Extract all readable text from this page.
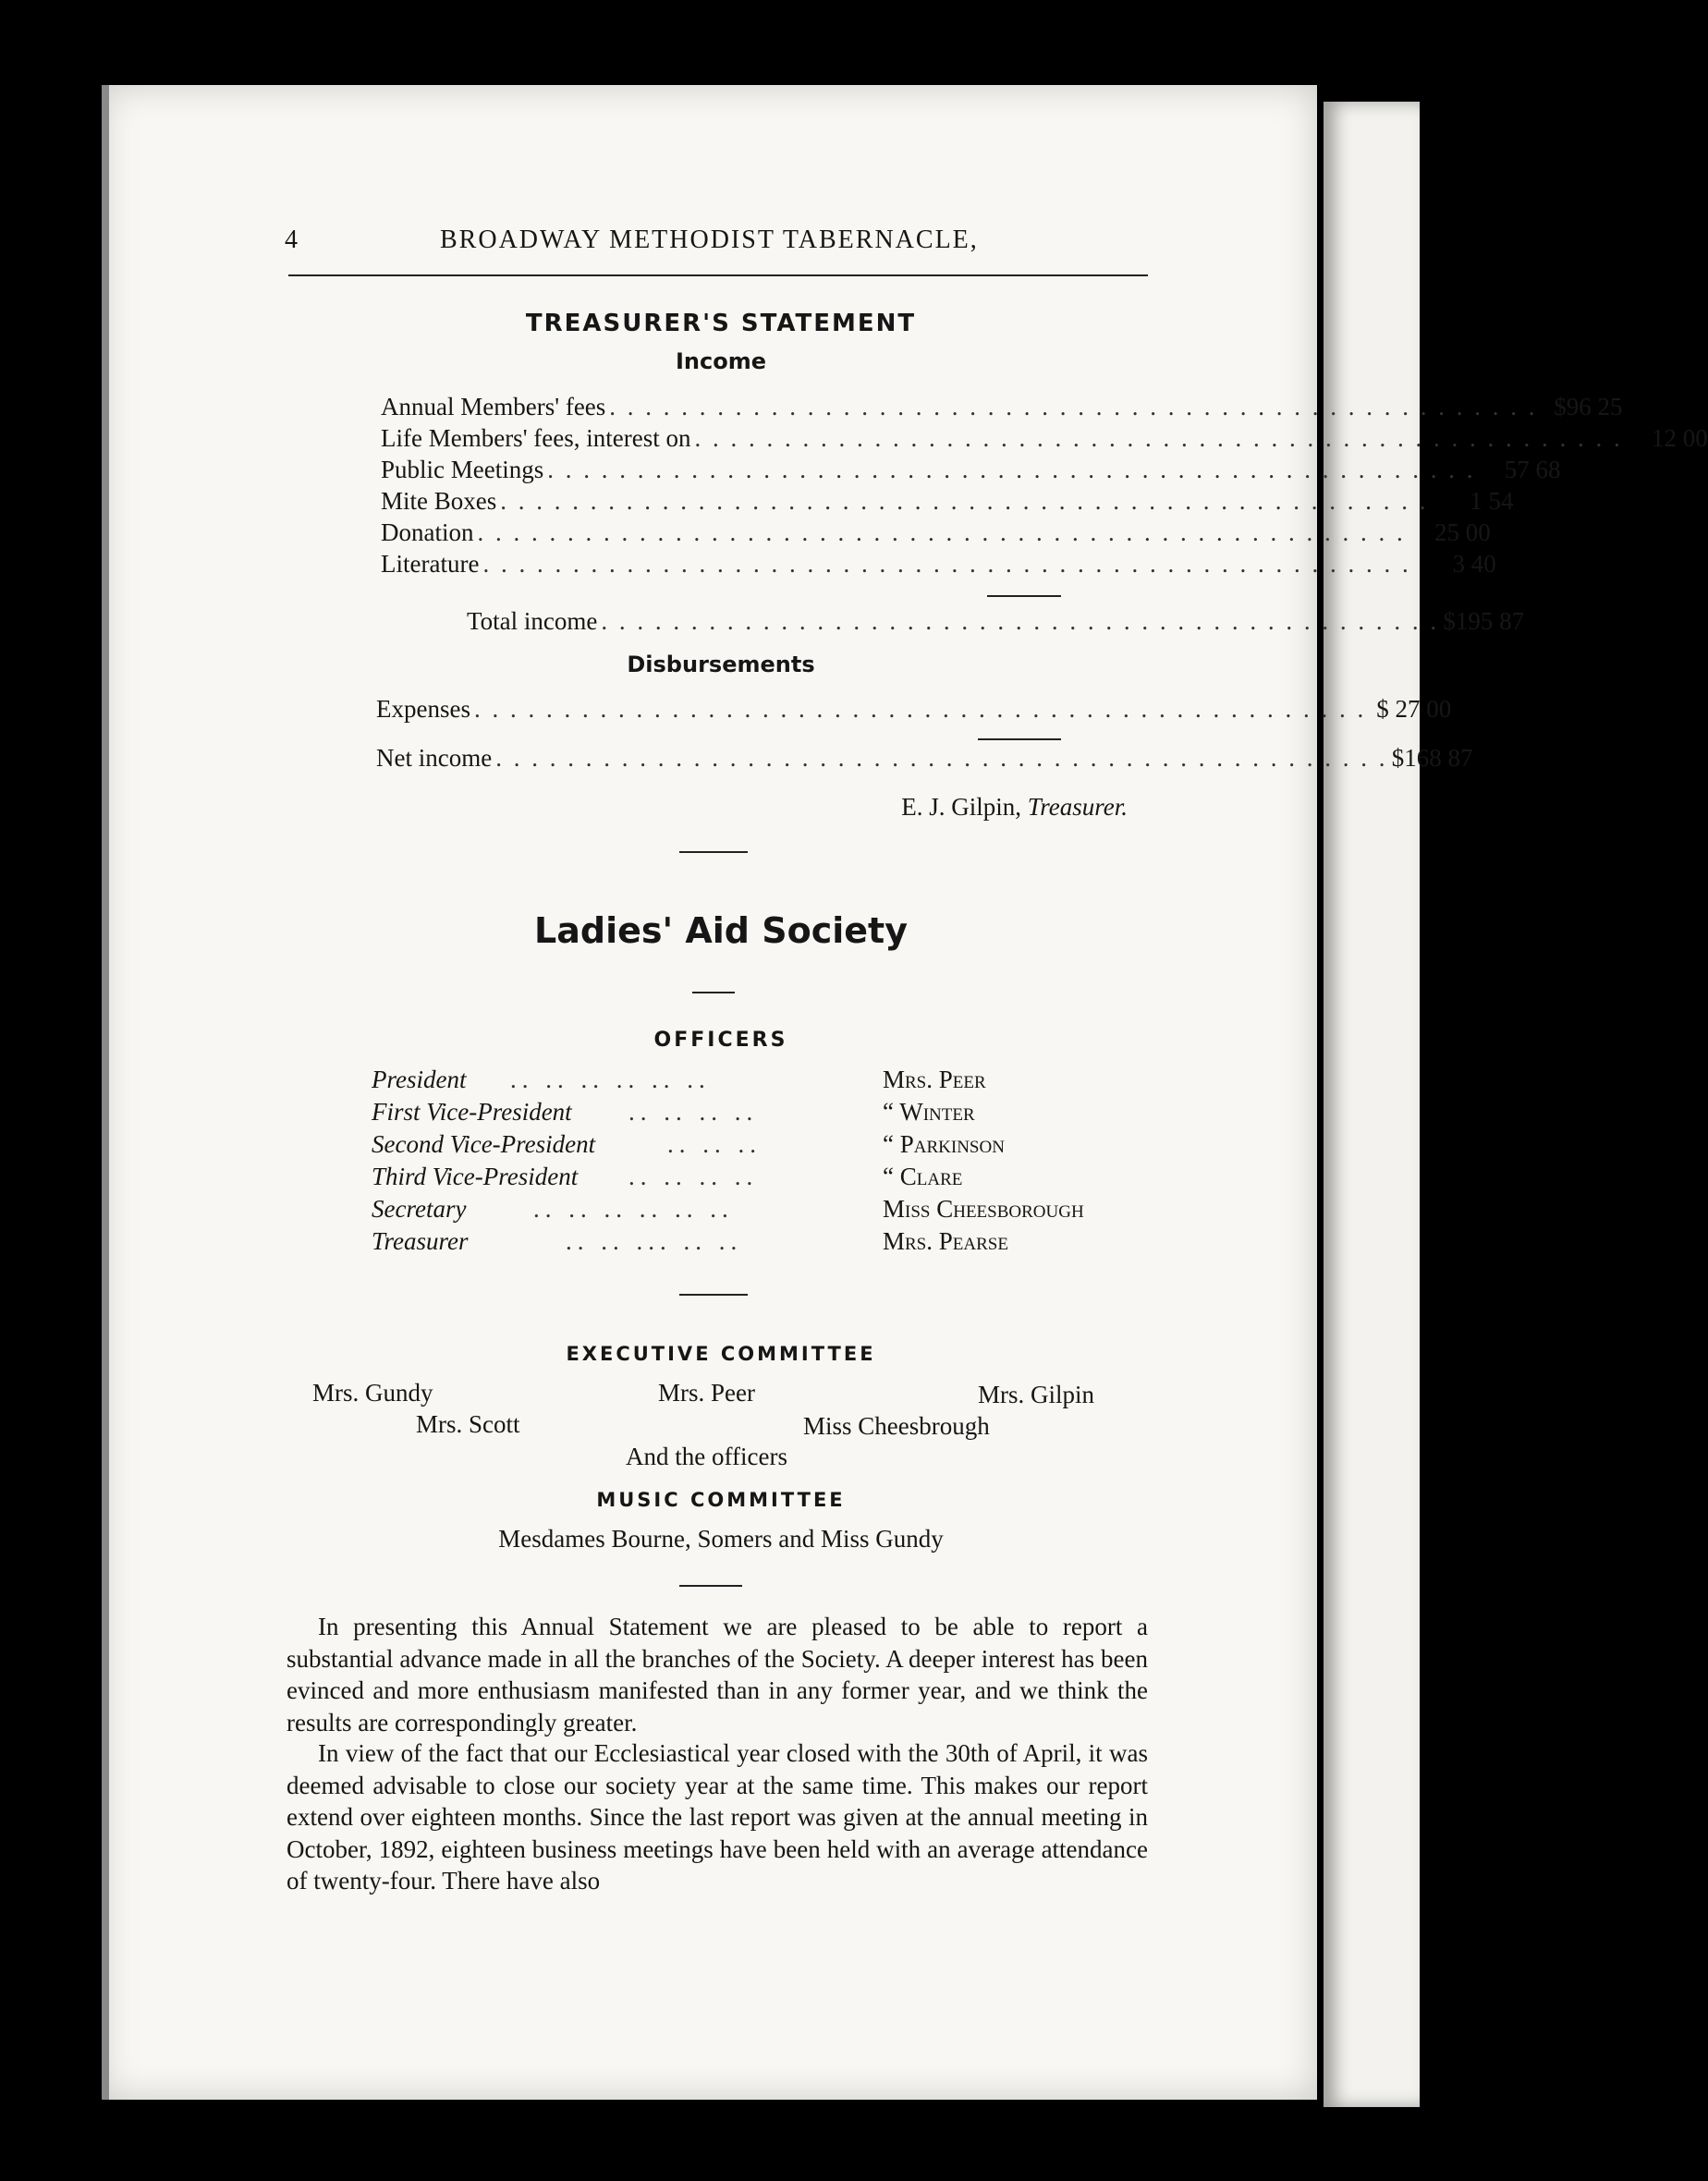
4	BROADWAY METHODIST TABERNACLE,
TREASURER'S STATEMENT
Income
Annual Members' fees . . . . . . . . . . . . . . . . . . . . . . . . . . . . . . . . . . . . . . . . . . . . . . . . . . . . $96 25
Life Members' fees, interest on . . . . . . . . . . . . . . . . . . . . . . . . . . . . . . . . . . . . . . . . . . . . . . . . . . . .	12 00
Public Meetings . . . . . . . . . . . . . . . . . . . . . . . . . . . . . . . . . . . . . . . . . . . . . . . . . . . .	57 68
Mite Boxes . . . . . . . . . . . . . . . . . . . . . . . . . . . . . . . . . . . . . . . . . . . . . . . . . . . .	1 54
Donation . . . . . . . . . . . . . . . . . . . . . . . . . . . . . . . . . . . . . . . . . . . . . . . . . . . .	25 00
Literature . . . . . . . . . . . . . . . . . . . . . . . . . . . . . . . . . . . . . . . . . . . . . . . . . . . .	3 40
Total income . . . . . . . . . . . . . . . . . . . . . . . . . . . . . . . . . . . . . . . . . . . . . . . $195 87
Disbursements
Expenses . . . . . . . . . . . . . . . . . . . . . . . . . . . . . . . . . . . . . . . . . . . . . . . . . . $ 27 00
Net income . . . . . . . . . . . . . . . . . . . . . . . . . . . . . . . . . . . . . . . . . . . . . . . . . . $168 87
E. J. Gilpin, Treasurer.
Ladies' Aid Society
OFFICERS
President .. .. .. .. .. ..	Mrs. Peer
First Vice-President .. .. .. ..	“ Winter
Second Vice-President	.. .. ..	“ Parkinson
Third Vice-President .. .. .. ..	“ Clare
Secretary	.. .. .. .. .. ..	Miss Cheesborough
Treasurer	.. .. ... .. ..	Mrs. Pearse
EXECUTIVE COMMITTEE
Mrs. Gundy	Mrs. Peer	Mrs. Gilpin
Mrs. Scott	Miss Cheesbrough
And the officers
MUSIC COMMITTEE
Mesdames Bourne, Somers and Miss Gundy

In presenting this Annual Statement we are pleased to be able to report a substantial advance made in all the branches of the Society. A deeper interest has been evinced and more enthusiasm manifested than in any former year, and we think the results are correspondingly greater.

In view of the fact that our Ecclesiastical year closed with the 30th of April, it was deemed advisable to close our society year at the same time. This makes our report extend over eighteen months. Since the last report was given at the annual meeting in October, 1892, eighteen business meetings have been held with an average attendance of twenty-four. There have also
